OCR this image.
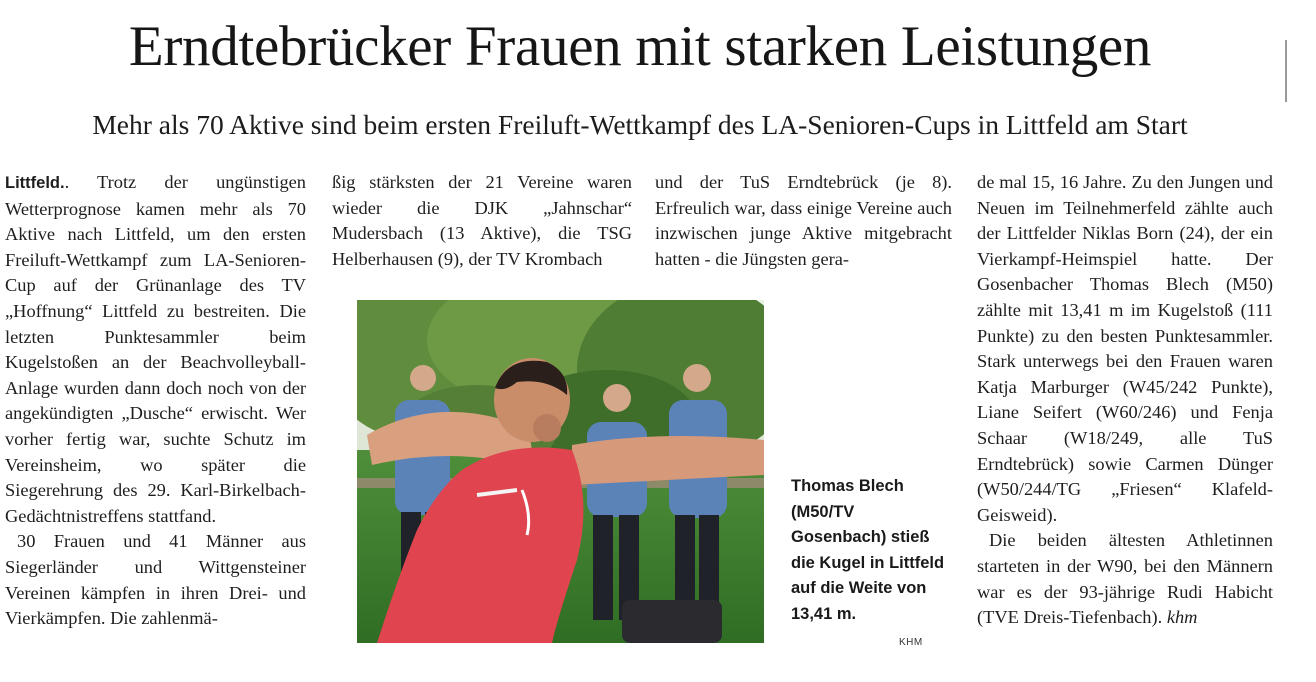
Erndtebrücker Frauen mit starken Leistungen
Mehr als 70 Aktive sind beim ersten Freiluft-Wettkampf des LA-Senioren-Cups in Littfeld am Start

Littfeld.. Trotz der ungünstigen Wetterprognose kamen mehr als 70 Aktive nach Littfeld, um den ersten Freiluft-Wettkampf zum LA-Senioren-Cup auf der Grünanlage des TV „Hoffnung“ Littfeld zu bestreiten. Die letzten Punktesammler beim Kugelstoßen an der Beachvolleyball-Anlage wurden dann doch noch von der angekündigten „Dusche“ erwischt. Wer vorher fertig war, suchte Schutz im Vereinsheim, wo später die Siegerehrung des 29. Karl-Birkelbach-Gedächtnistreffens stattfand.

30 Frauen und 41 Männer aus Siegerländer und Wittgensteiner Vereinen kämpfen in ihren Drei- und Vierkämpfen. Die zahlenmä-

ßig stärksten der 21 Vereine waren wieder die DJK „Jahnschar“ Mudersbach (13 Aktive), die TSG Helberhausen (9), der TV Krombach

und der TuS Erndtebrück (je 8). Erfreulich war, dass einige Vereine auch inzwischen junge Aktive mitgebracht hatten - die Jüngsten gera-

de mal 15, 16 Jahre. Zu den Jungen und Neuen im Teilnehmerfeld zählte auch der Littfelder Niklas Born (24), der ein Vierkampf-Heimspiel hatte. Der Gosenbacher Thomas Blech (M50) zählte mit 13,41 m im Kugelstoß (111 Punkte) zu den besten Punktesammler. Stark unterwegs bei den Frauen waren Katja Marburger (W45/242 Punkte), Liane Seifert (W60/246) und Fenja Schaar (W18/249, alle TuS Erndtebrück) sowie Carmen Dünger (W50/244/TG „Friesen“ Klafeld-Geisweid).

Die beiden ältesten Athletinnen starteten in der W90, bei den Männern war es der 93-jährige Rudi Habicht (TVE Dreis-Tiefenbach). khm

Thomas Blech (M50/TV Gosenbach) stieß die Kugel in Littfeld auf die Weite von 13,41 m.
KHM
